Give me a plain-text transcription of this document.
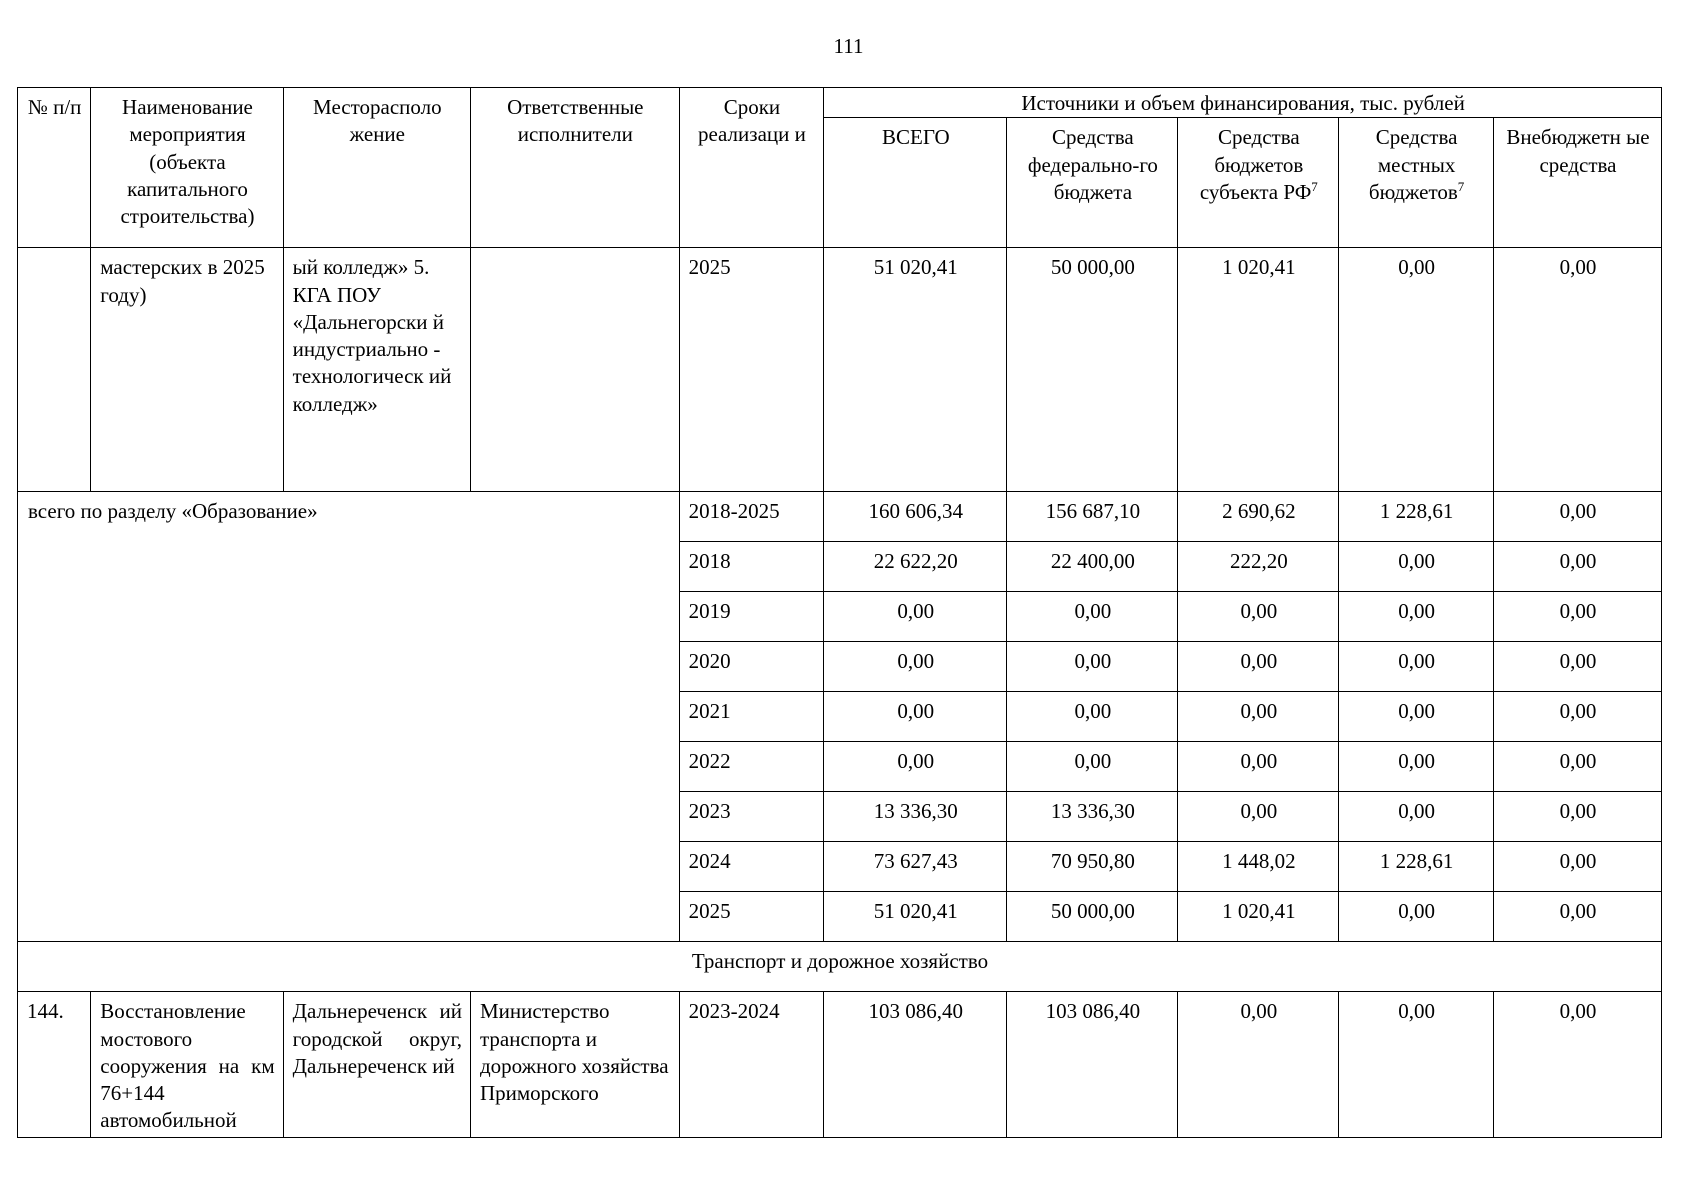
111
№ п/п	Наименование мероприятия (объекта капитального строительства)	Месторасполо жение	Ответственные исполнители	Сроки реализаци и	Источники и объем финансирования, тыс. рублей				
					ВСЕГО	Средства федерально-го бюджета	Средства бюджетов субъекта $РФ^7$	Средства местных бюджетов$^7$	Внебюджетн ые средства
	мастерских в 2025 году)	ый колледж» 5. КГА ПОУ «Дальнегорски й индустриально - технологическ ий колледж»		2025	51 020,41	50 000,00	1 020,41	0,00	0,00
всего по разделу «Образование»				2018-2025	160 606,34	156 687,10	2 690,62	1 228,61	0,00
				2018	22 622,20	22 400,00	222,20	0,00	0,00
				2019	0,00	0,00	0,00	0,00	0,00
				2020	0,00	0,00	0,00	0,00	0,00
				2021	0,00	0,00	0,00	0,00	0,00
				2022	0,00	0,00	0,00	0,00	0,00
				2023	13 336,30	13 336,30	0,00	0,00	0,00
				2024	73 627,43	70 950,80	1 448,02	1 228,61	0,00
				2025	51 020,41	50 000,00	1 020,41	0,00	0,00
Транспорт и дорожное хозяйство									
144.	Восстановление мостового сооружения на км 76+144 автомобильной	Дальнереченск ий городской округ, Дальнереченск ий	Министерство транспорта и дорожного хозяйства Приморского	2023-2024	103 086,40	103 086,40	0,00	0,00	0,00
